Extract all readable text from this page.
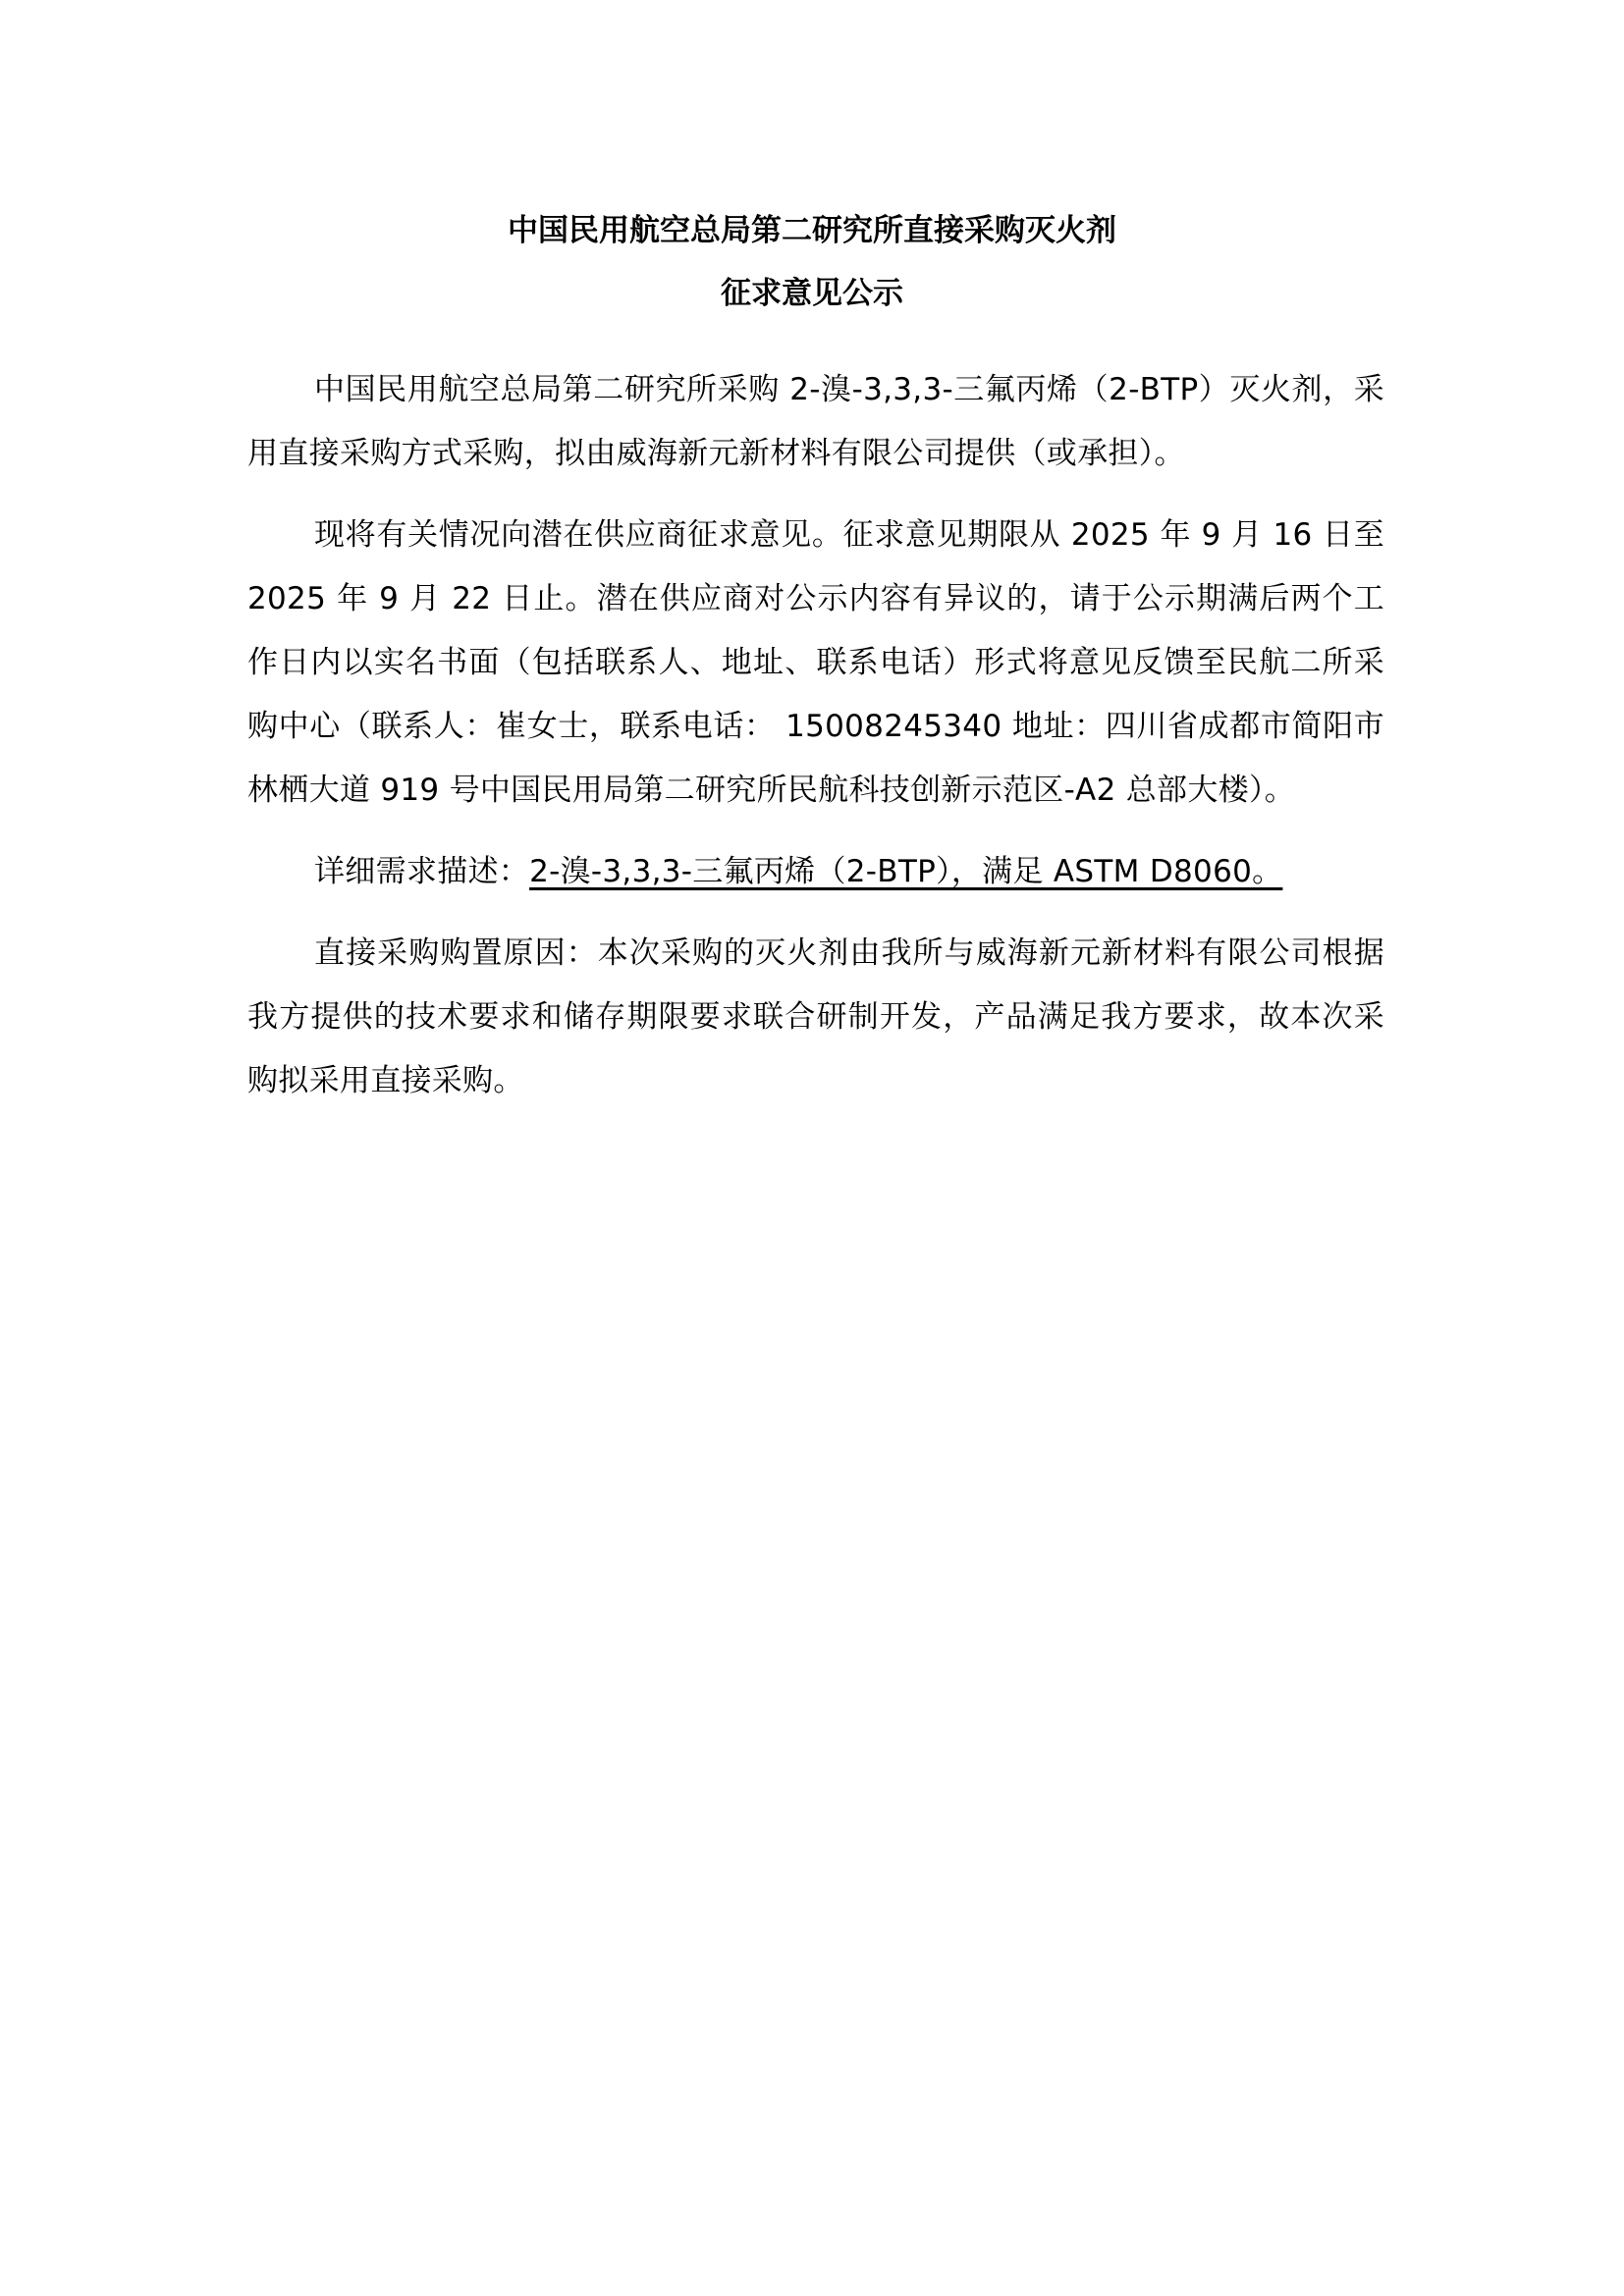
中国民用航空总局第二研究所直接采购灭火剂
征求意见公示

中国民用航空总局第二研究所采购 2-溴-3,3,3-三氟丙烯（2-BTP）灭火剂，采用直接采购方式采购，拟由威海新元新材料有限公司提供（或承担）。

现将有关情况向潜在供应商征求意见。征求意见期限从 2025 年 9 月 16 日至 2025 年 9 月 22 日止。潜在供应商对公示内容有异议的，请于公示期满后两个工作日内以实名书面（包括联系人、地址、联系电话）形式将意见反馈至民航二所采购中心（联系人：崔女士，联系电话： 15008245340 地址：四川省成都市简阳市林栖大道 919 号中国民用局第二研究所民航科技创新示范区-A2 总部大楼）。

详细需求描述：2-溴-3,3,3-三氟丙烯（2-BTP），满足 ASTM D8060。

直接采购购置原因：本次采购的灭火剂由我所与威海新元新材料有限公司根据我方提供的技术要求和储存期限要求联合研制开发，产品满足我方要求，故本次采购拟采用直接采购。
